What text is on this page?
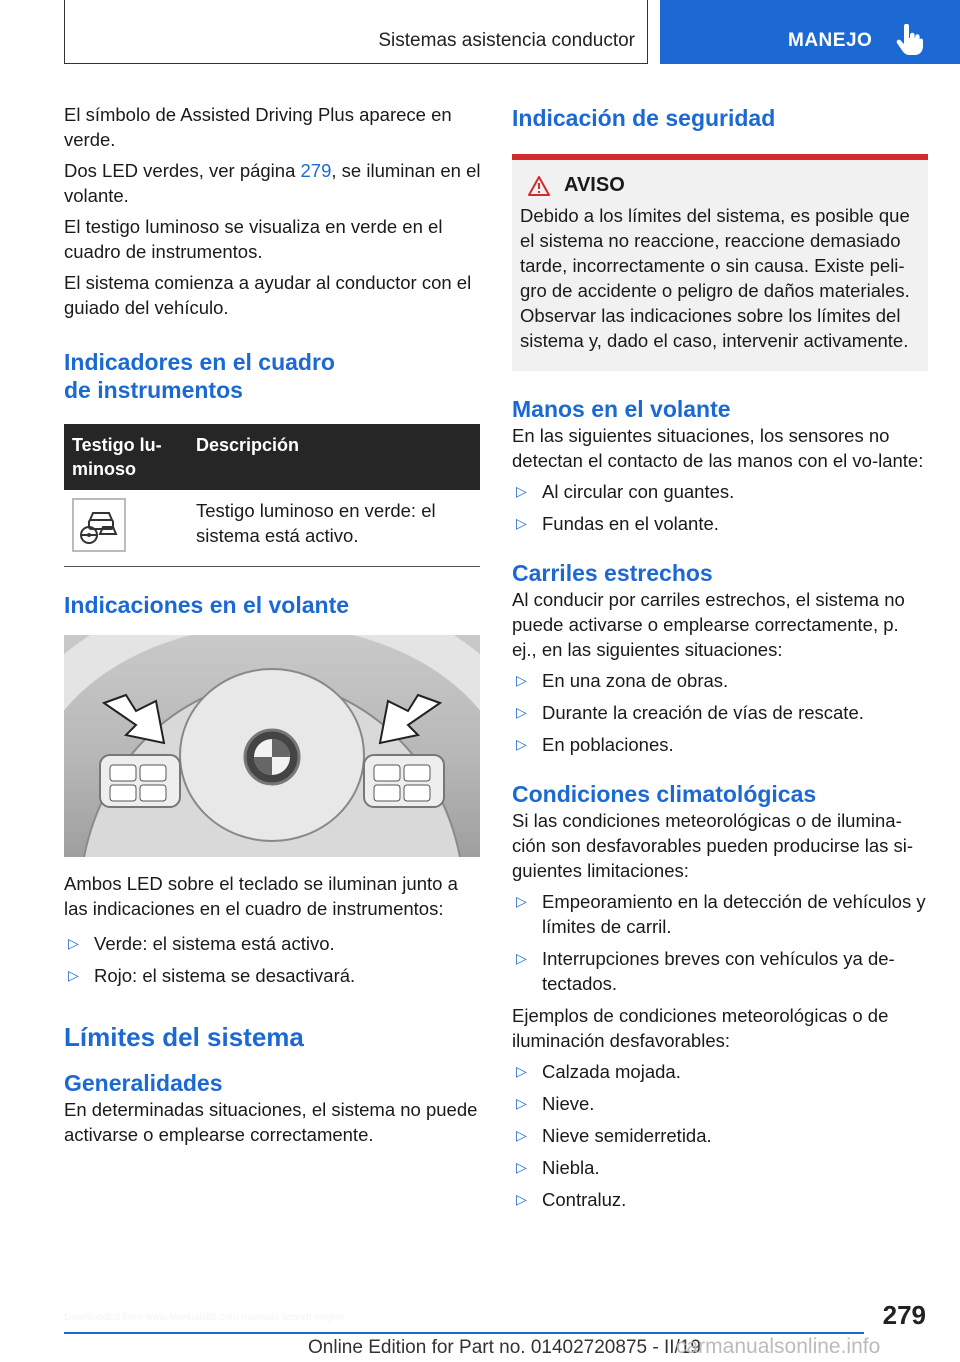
Sistemas asistencia conductor	MANEJO

El símbolo de Assisted Driving Plus aparece en verde.

Dos LED verdes, ver página 279, se iluminan en el volante.

El testigo luminoso se visualiza en verde en el cuadro de instrumentos.

El sistema comienza a ayudar al conductor con el guiado del vehículo.

Indicadores en el cuadro
de instrumentos
Testigo lu-minoso	Descripción

	Testigo luminoso en verde: el sistema está activo.
Indicaciones en el volante

Ambos LED sobre el teclado se iluminan junto a las indicaciones en el cuadro de instrumentos:

▷ Verde: el sistema está activo.
▷ Rojo: el sistema se desactivará.
Límites del sistema
Generalidades

En determinadas situaciones, el sistema no puede activarse o emplearse correctamente.

Indicación de seguridad
AVISO

Debido a los límites del sistema, es posible que el sistema no reaccione, reaccione demasiado tarde, incorrectamente o sin causa. Existe peli-gro de accidente o peligro de daños materiales. Observar las indicaciones sobre los límites del sistema y, dado el caso, intervenir activamente.

Manos en el volante

En las siguientes situaciones, los sensores no detectan el contacto de las manos con el vo-lante:

▷ Al circular con guantes.
▷ Fundas en el volante.
Carriles estrechos

Al conducir por carriles estrechos, el sistema no puede activarse o emplearse correctamente, p. ej., en las siguientes situaciones:

▷ En una zona de obras.
▷ Durante la creación de vías de rescate.
▷ En poblaciones.
Condiciones climatológicas

Si las condiciones meteorológicas o de ilumina-ción son desfavorables pueden producirse las si-guientes limitaciones:

▷ Empeoramiento en la detección de vehículos y límites de carril.
▷ Interrupciones breves con vehículos ya de-tectados.

Ejemplos de condiciones meteorológicas o de iluminación desfavorables:

▷ Calzada mojada.
▷ Nieve.
▷ Nieve semiderretida.
▷ Niebla.
▷ Contraluz.
279
Online Edition for Part no. 01402720875 - II/19
carmanualsonline.info
Downloaded from www.Manualslib.com manuals search engine
